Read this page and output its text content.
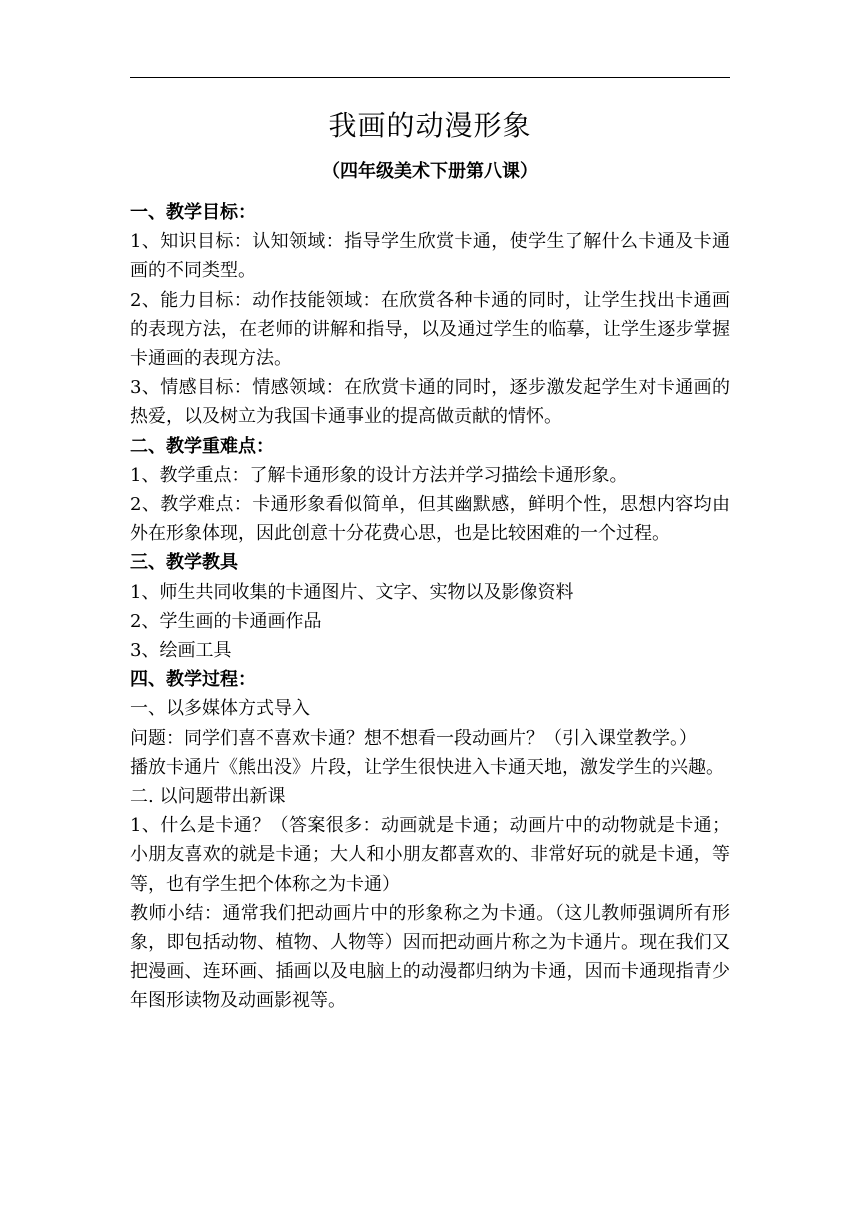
我画的动漫形象
（四年级美术下册第八课）

一、教学目标：

1、知识目标：认知领域：指导学生欣赏卡通，使学生了解什么卡通及卡通画的不同类型。

2、能力目标：动作技能领域：在欣赏各种卡通的同时，让学生找出卡通画的表现方法，在老师的讲解和指导，以及通过学生的临摹，让学生逐步掌握卡通画的表现方法。

3、情感目标：情感领域：在欣赏卡通的同时，逐步激发起学生对卡通画的热爱，以及树立为我国卡通事业的提高做贡献的情怀。

二、教学重难点：

1、教学重点：了解卡通形象的设计方法并学习描绘卡通形象。

2、教学难点：卡通形象看似简单，但其幽默感，鲜明个性，思想内容均由外在形象体现，因此创意十分花费心思，也是比较困难的一个过程。

三、教学教具

1、师生共同收集的卡通图片、文字、实物以及影像资料

2、学生画的卡通画作品

3、绘画工具

四、教学过程：

一、以多媒体方式导入

问题：同学们喜不喜欢卡通？想不想看一段动画片？（引入课堂教学。）

播放卡通片《熊出没》片段，让学生很快进入卡通天地，激发学生的兴趣。

二. 以问题带出新课

1、什么是卡通？（答案很多：动画就是卡通；动画片中的动物就是卡通；小朋友喜欢的就是卡通；大人和小朋友都喜欢的、非常好玩的就是卡通，等等，也有学生把个体称之为卡通）

教师小结：通常我们把动画片中的形象称之为卡通。（这儿教师强调所有形象，即包括动物、植物、人物等）因而把动画片称之为卡通片。现在我们又把漫画、连环画、插画以及电脑上的动漫都归纳为卡通，因而卡通现指青少年图形读物及动画影视等。
